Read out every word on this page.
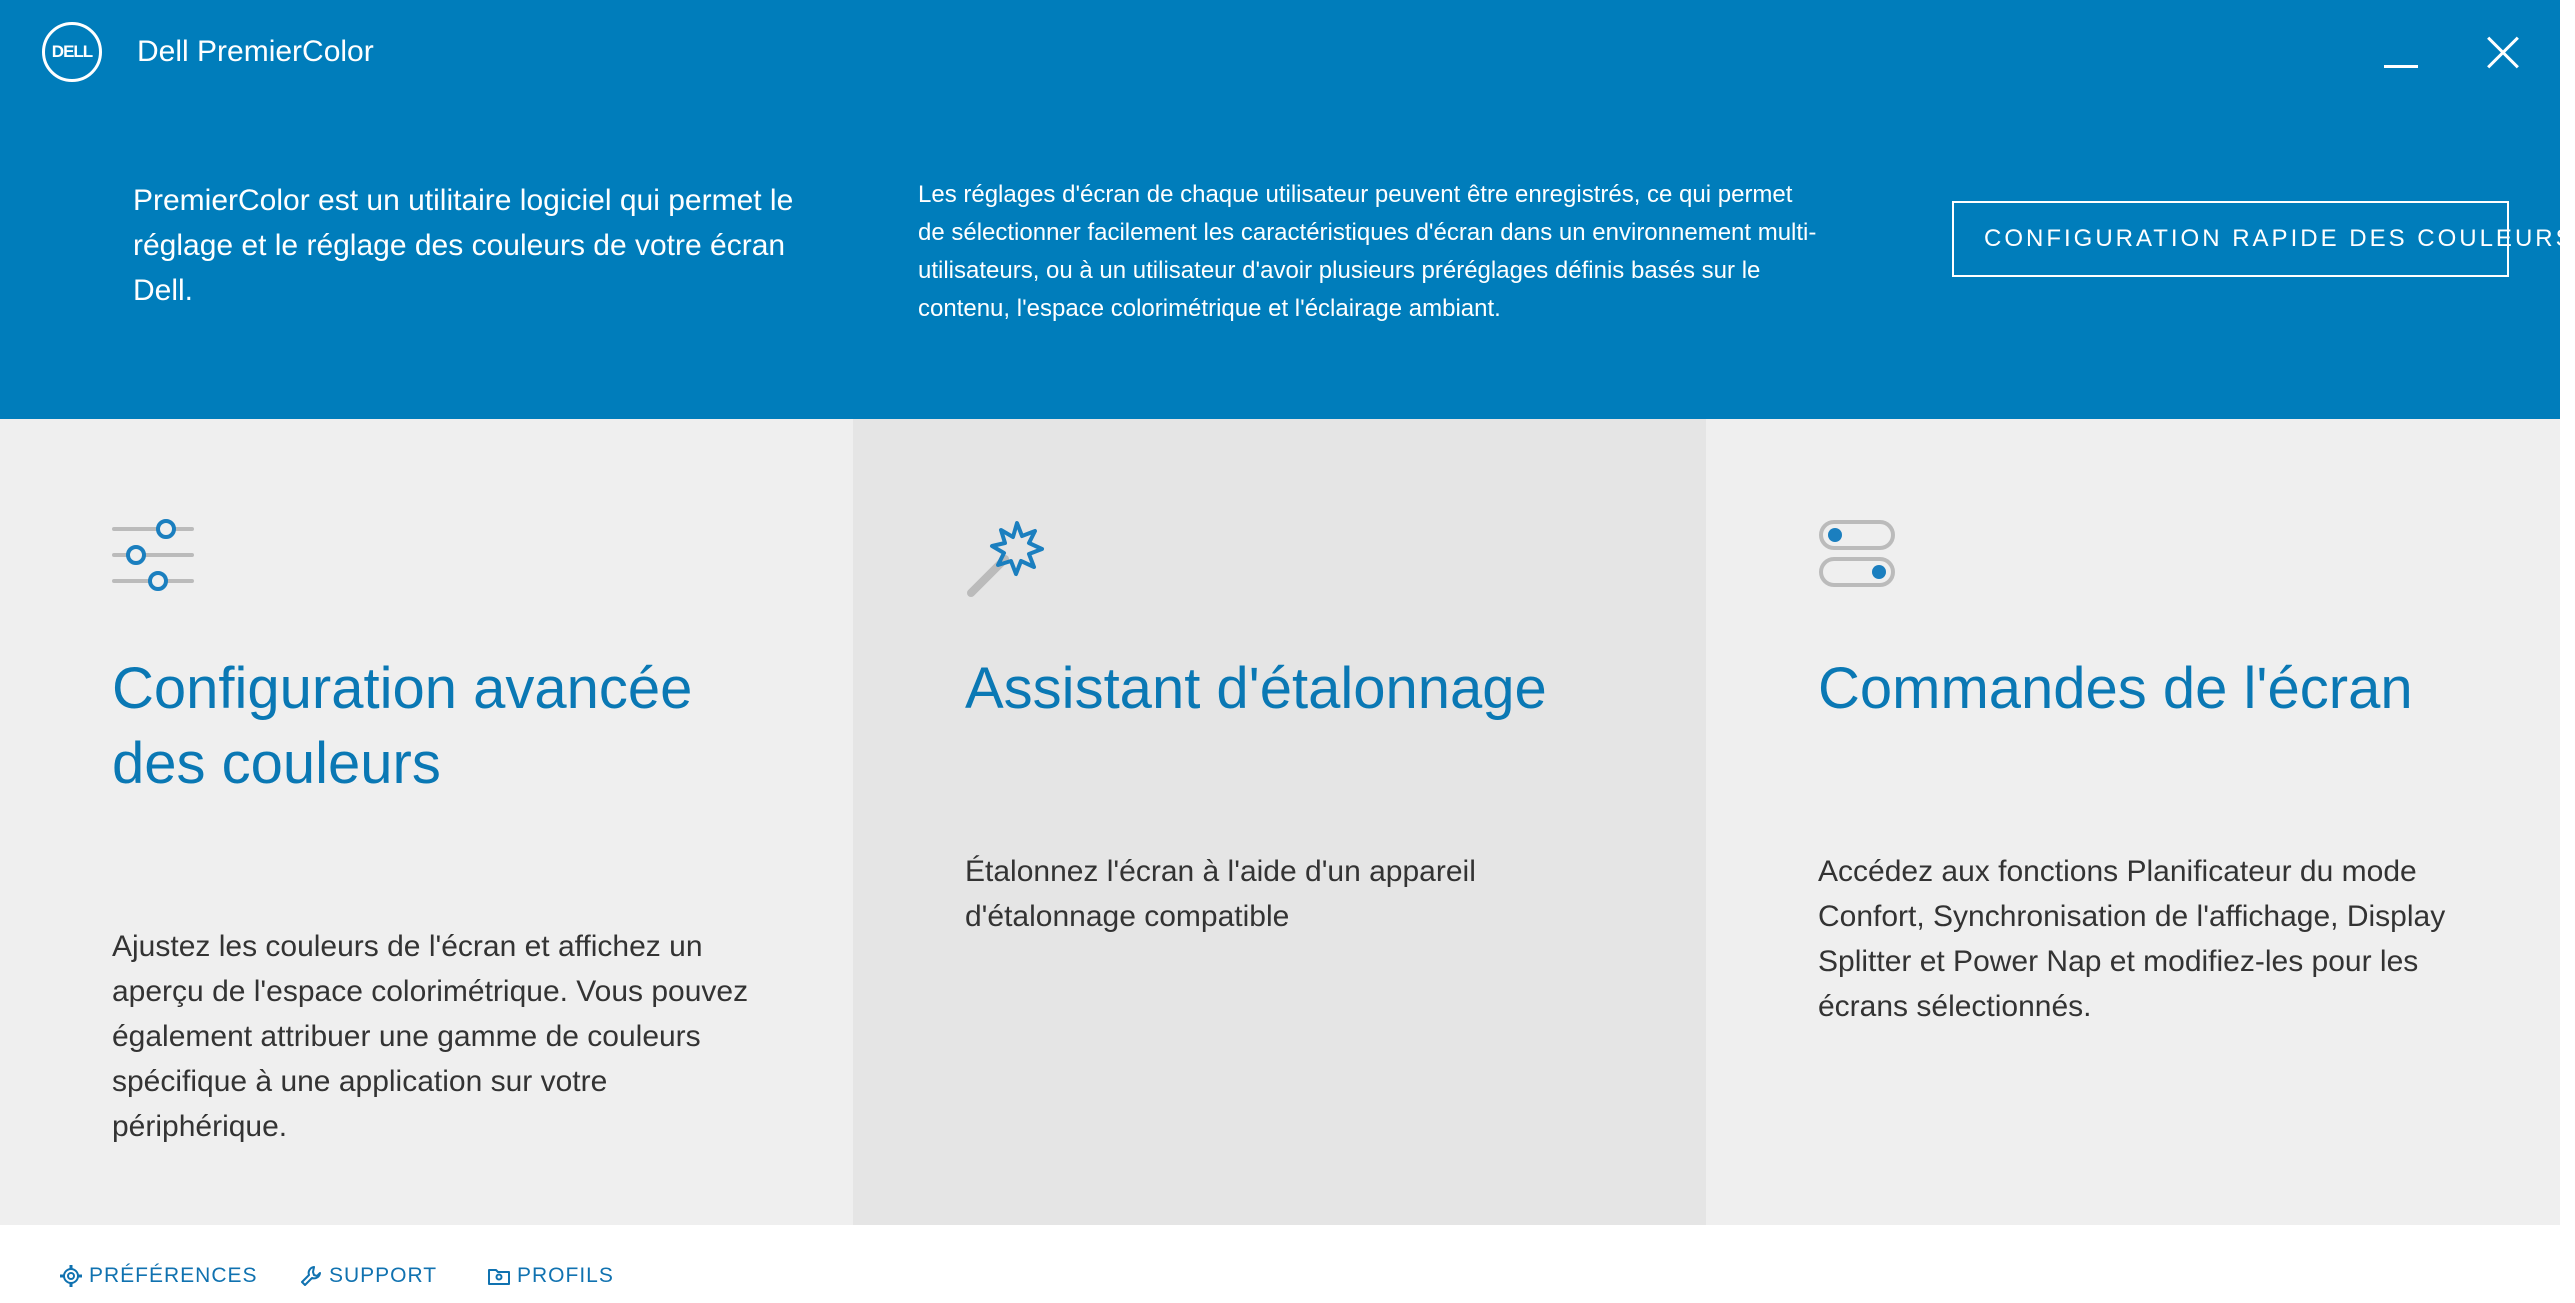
DELL	Dell PremierColor
PremierColor est un utilitaire logiciel qui permet le réglage et le réglage des couleurs de votre écran Dell.
Les réglages d'écran de chaque utilisateur peuvent être enregistrés, ce qui permet de sélectionner facilement les caractéristiques d'écran dans un environnement multi-utilisateurs, ou à un utilisateur d'avoir plusieurs préréglages définis basés sur le contenu, l'espace colorimétrique et l'éclairage ambiant.
CONFIGURATION RAPIDE DES COULEURS
Configuration avancée des couleurs

Ajustez les couleurs de l'écran et affichez un aperçu de l'espace colorimétrique. Vous pouvez également attribuer une gamme de couleurs spécifique à une application sur votre périphérique.

Assistant d'étalonnage

Étalonnez l'écran à l'aide d'un appareil d'étalonnage compatible

Commandes de l'écran

Accédez aux fonctions Planificateur du mode Confort, Synchronisation de l'affichage, Display Splitter et Power Nap et modifiez-les pour les écrans sélectionnés.

PRÉFÉRENCES	SUPPORT	PROFILS
